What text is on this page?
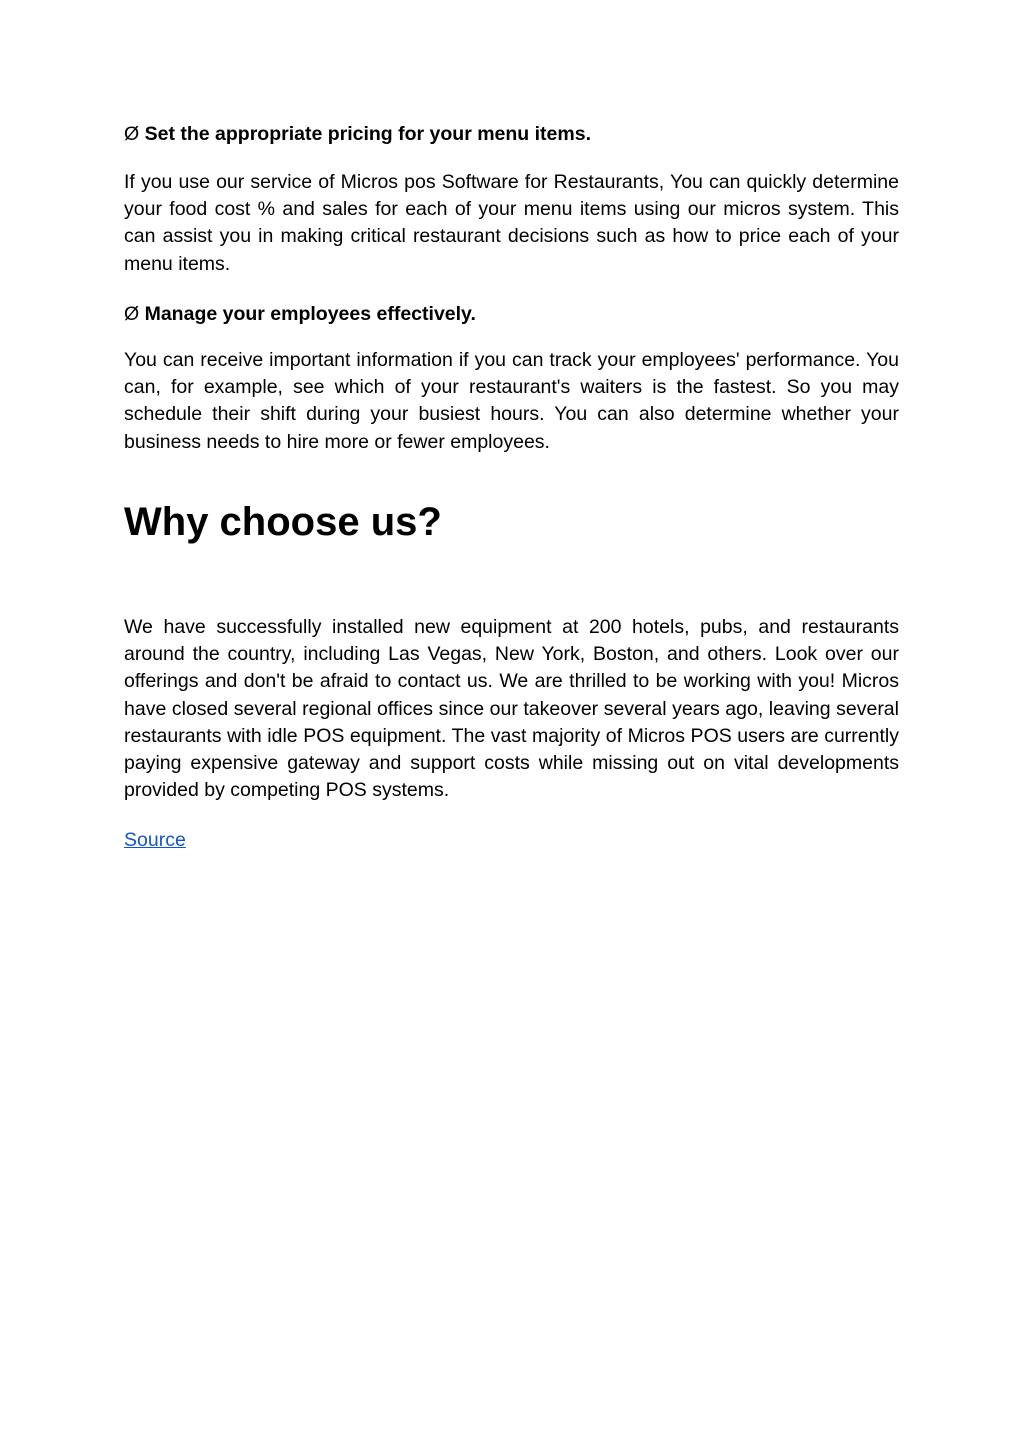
Ø Set the appropriate pricing for your menu items.

If you use our service of Micros pos Software for Restaurants, You can quickly determine your food cost % and sales for each of your menu items using our micros system. This can assist you in making critical restaurant decisions such as how to price each of your menu items.

Ø Manage your employees effectively.

You can receive important information if you can track your employees' performance. You can, for example, see which of your restaurant's waiters is the fastest. So you may schedule their shift during your busiest hours. You can also determine whether your business needs to hire more or fewer employees.

Why choose us?

We have successfully installed new equipment at 200 hotels, pubs, and restaurants around the country, including Las Vegas, New York, Boston, and others. Look over our offerings and don't be afraid to contact us. We are thrilled to be working with you! Micros have closed several regional offices since our takeover several years ago, leaving several restaurants with idle POS equipment. The vast majority of Micros POS users are currently paying expensive gateway and support costs while missing out on vital developments provided by competing POS systems.

Source
